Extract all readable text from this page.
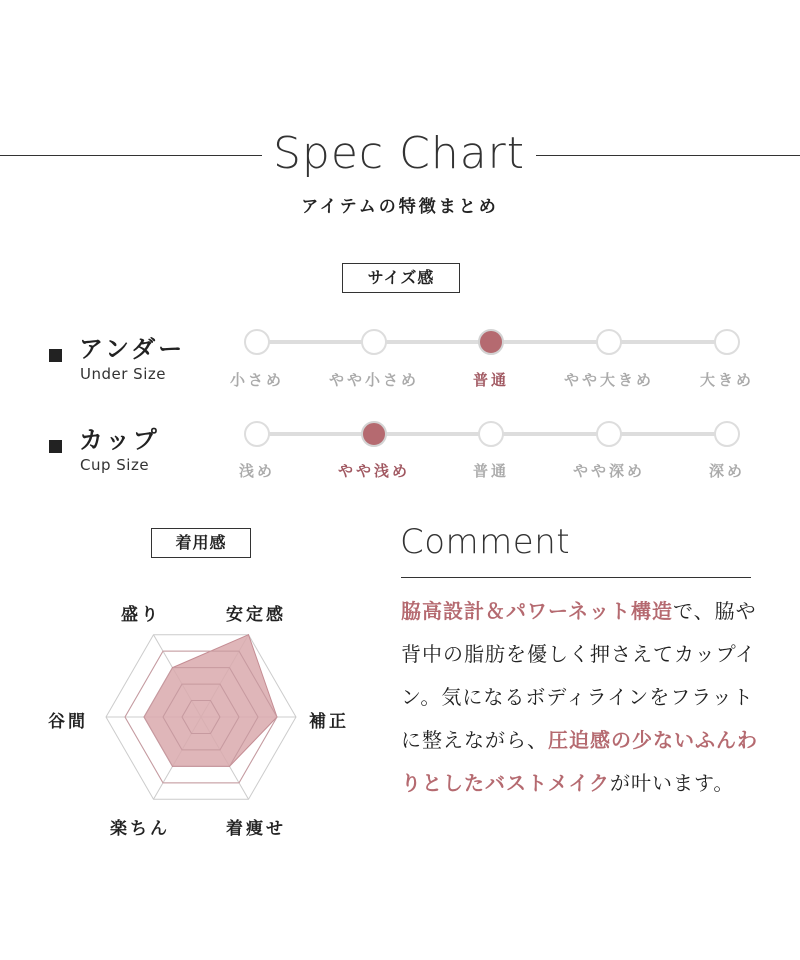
Spec Chart
アイテムの特徴まとめ
サイズ感
アンダー
Under Size	小さめ	やや小さめ	普通	やや大きめ	大きめ
カップ
Cup Size	浅め	やや浅め	普通	やや深め	深め
着用感
盛り	安定感
補正
着痩せ
楽ちん
谷間
Comment
脇高設計＆パワーネット構造で、脇や背中の脂肪を優しく押さえてカップイン。気になるボディラインをフラットに整えながら、圧迫感の少ないふんわりとしたバストメイクが叶います。
